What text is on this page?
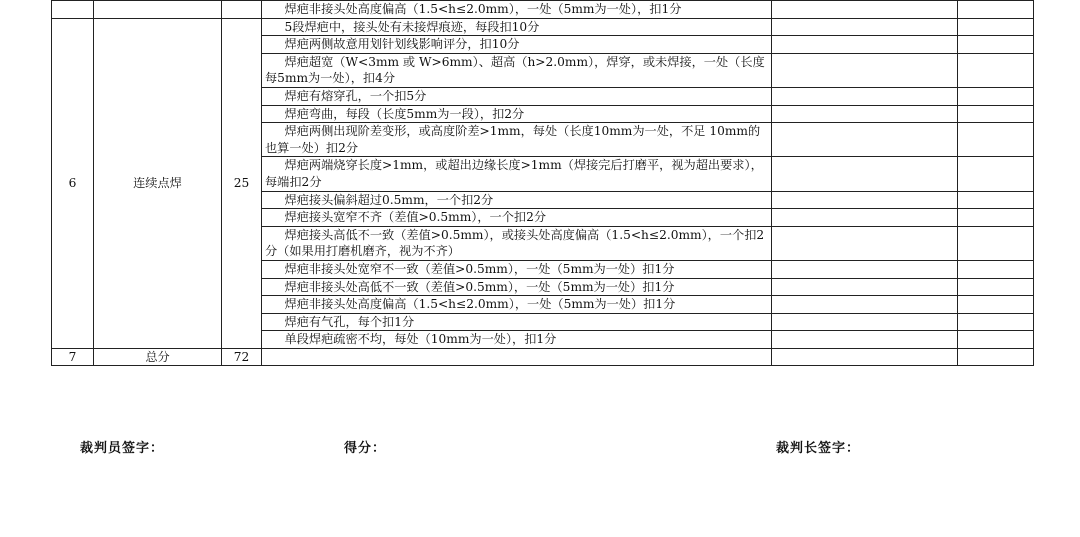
			焊疤非接头处高度偏高（1.5<h≤2.0mm），一处（5mm为一处），扣1分		

6	连续点焊	25	5段焊疤中，接头处有未接焊痕迹，每段扣10分		

			焊疤两侧故意用划针划线影响评分，扣10分		

			焊疤超宽（W<3mm 或 W>6mm）、超高（h>2.0mm），焊穿，或未焊接，一处（长度每5mm为一处），扣4分		

			焊疤有熔穿孔，一个扣5分		

			焊疤弯曲，每段（长度5mm为一段），扣2分		

			焊疤两侧出现阶差变形，或高度阶差>1mm，每处（长度10mm为一处，不足 10mm的也算一处）扣2分		

			焊疤两端烧穿长度>1mm，或超出边缘长度>1mm（焊接完后打磨平，视为超出要求），每端扣2分		

			焊疤接头偏斜超过0.5mm，一个扣2分		

			焊疤接头宽窄不齐（差值>0.5mm），一个扣2分		

			焊疤接头高低不一致（差值>0.5mm），或接头处高度偏高（1.5<h≤2.0mm），一个扣2分（如果用打磨机磨齐，视为不齐）		

			焊疤非接头处宽窄不一致（差值>0.5mm），一处（5mm为一处）扣1分		

			焊疤非接头处高低不一致（差值>0.5mm），一处（5mm为一处）扣1分		

			焊疤非接头处高度偏高（1.5<h≤2.0mm），一处（5mm为一处）扣1分		

			焊疤有气孔，每个扣1分		

			单段焊疤疏密不均，每处（10mm为一处），扣1分		

7	总分	72			
裁判员签字：	得分：	裁判长签字：
